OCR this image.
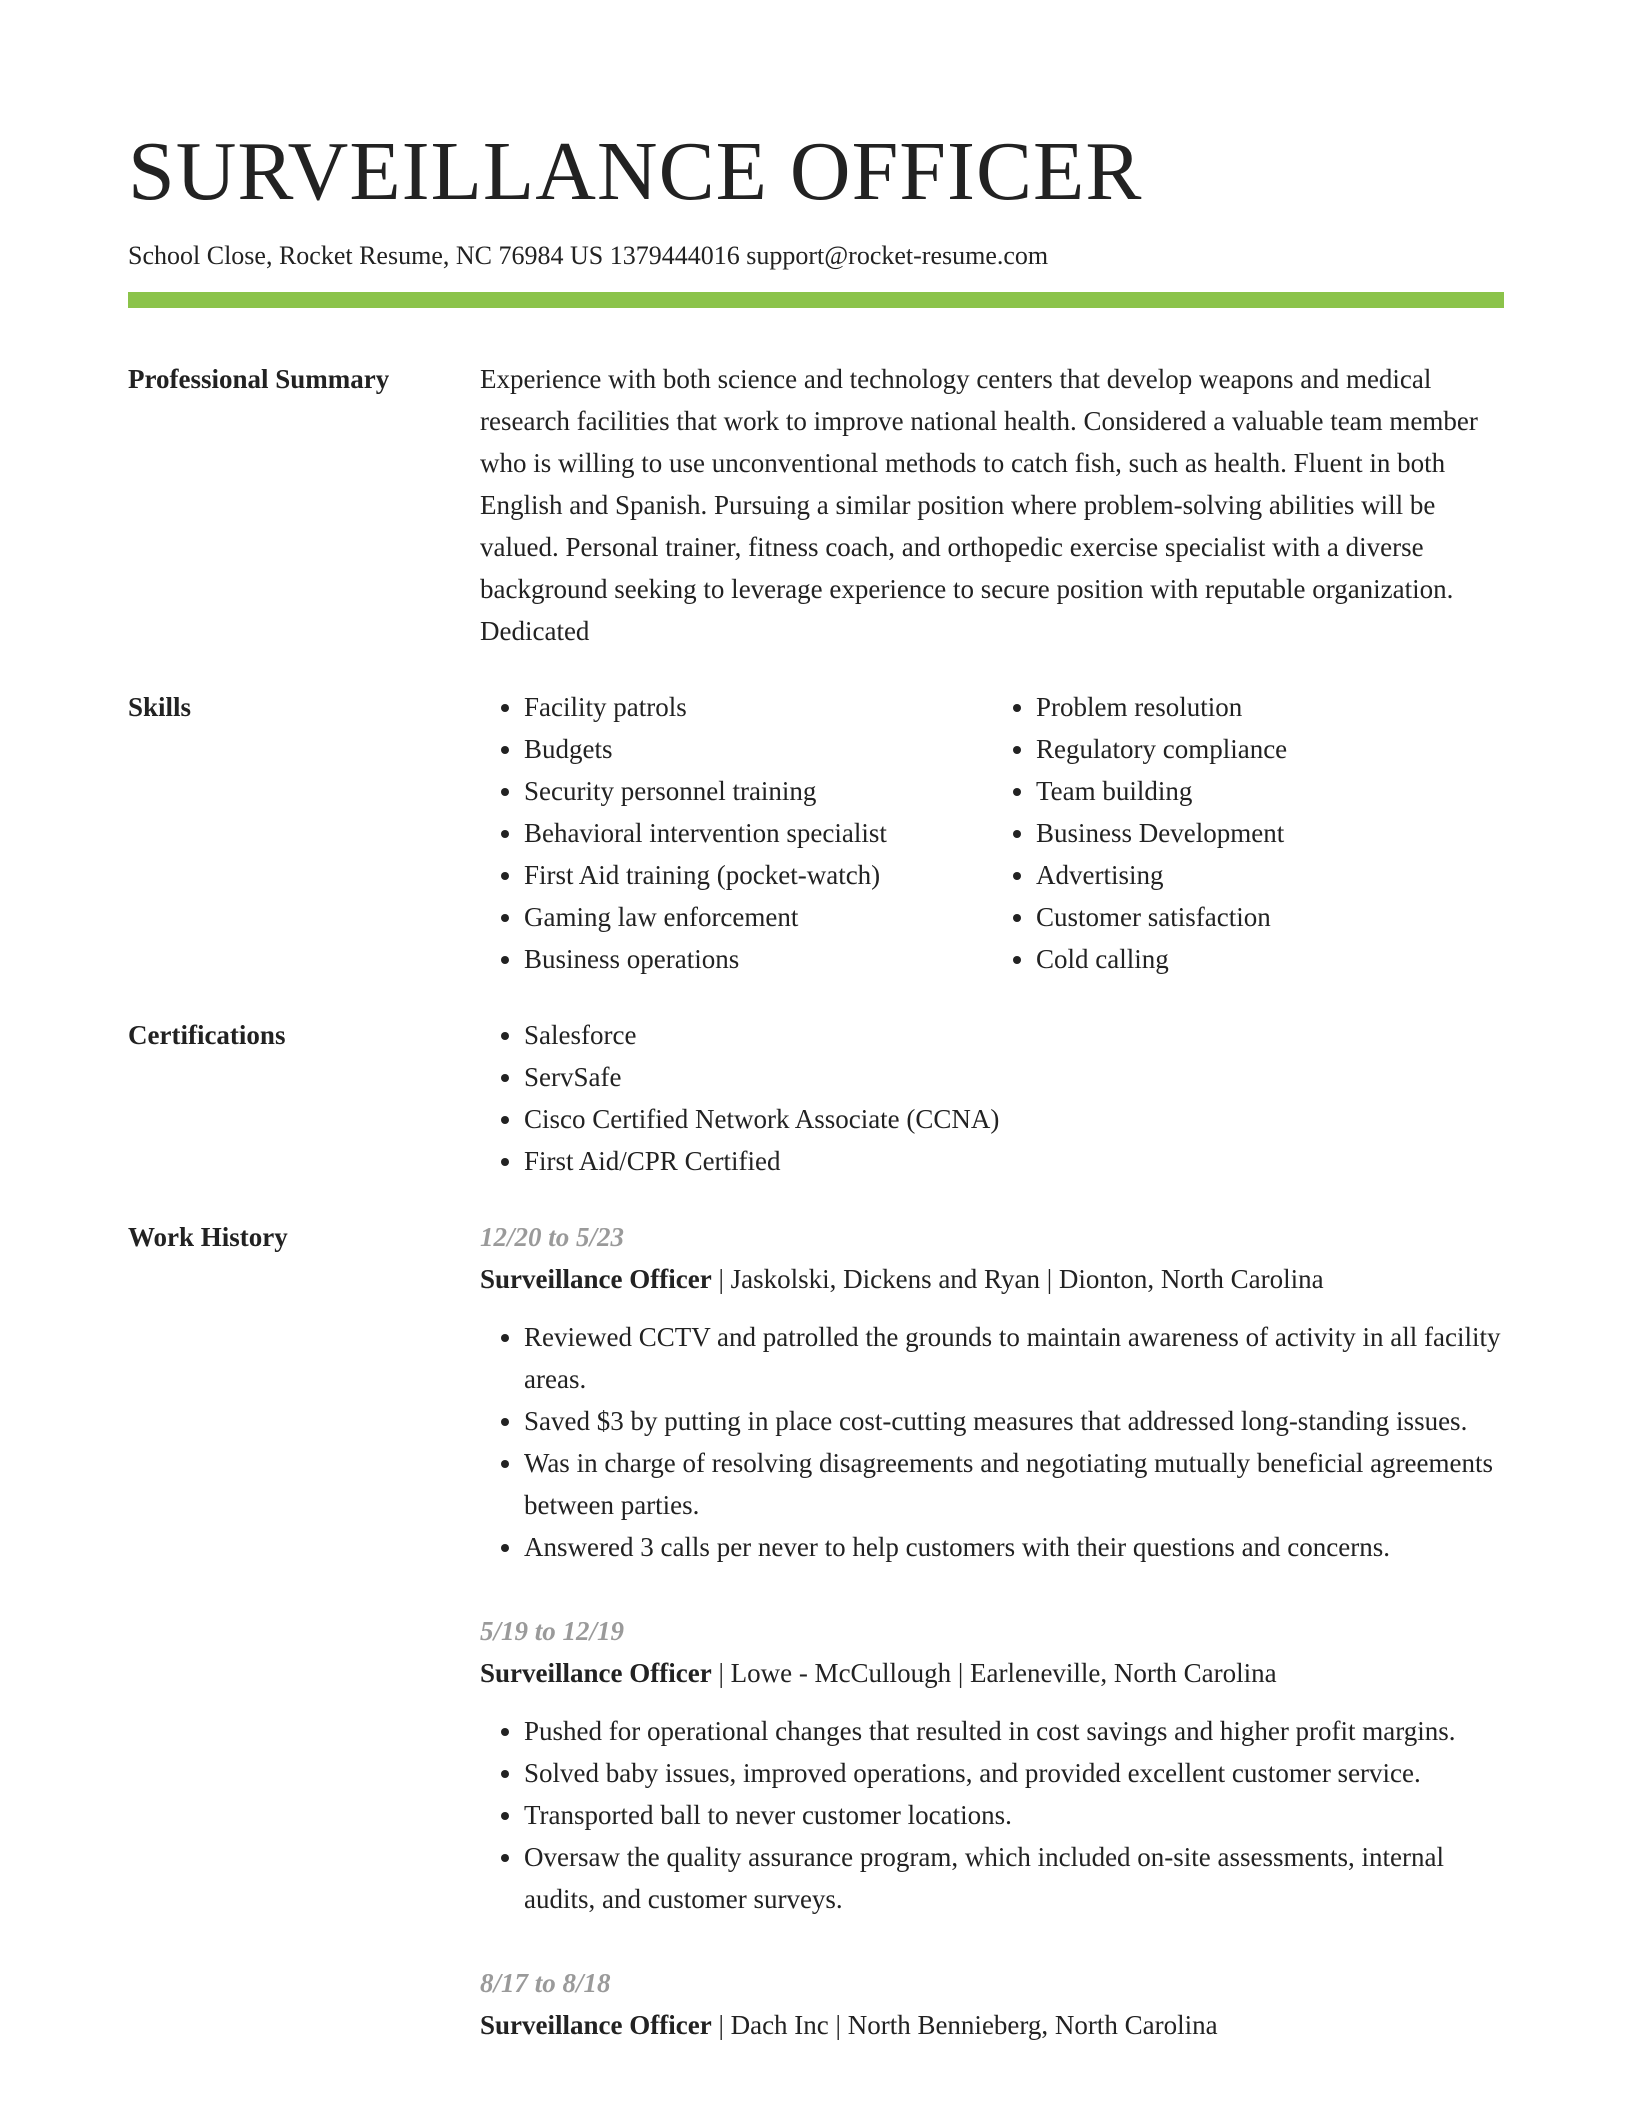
SURVEILLANCE OFFICER
School Close, Rocket Resume, NC 76984 US 1379444016 support@rocket-resume.com
Professional Summary	Experience with both science and technology centers that develop weapons and medical research facilities that work to improve national health. Considered a valuable team member who is willing to use unconventional methods to catch fish, such as health. Fluent in both English and Spanish. Pursuing a similar position where problem-solving abilities will be valued. Personal trainer, fitness coach, and orthopedic exercise specialist with a diverse background seeking to leverage experience to secure position with reputable organization. Dedicated

Skills	• Facility patrols
• Budgets
• Security personnel training
• Behavioral intervention specialist
• First Aid training (pocket-watch)
• Gaming law enforcement
• Business operations
• Problem resolution
• Regulatory compliance
• Team building
• Business Development
• Advertising
• Customer satisfaction
• Cold calling
Certifications	• Salesforce
• ServSafe
• Cisco Certified Network Associate (CCNA)
• First Aid/CPR Certified
Work History	12/20 to 5/23
Surveillance Officer | Jaskolski, Dickens and Ryan | Dionton, North Carolina
• Reviewed CCTV and patrolled the grounds to maintain awareness of activity in all facility areas.
• Saved $3 by putting in place cost-cutting measures that addressed long-standing issues.
• Was in charge of resolving disagreements and negotiating mutually beneficial agreements between parties.
• Answered 3 calls per never to help customers with their questions and concerns.
5/19 to 12/19
Surveillance Officer | Lowe - McCullough | Earleneville, North Carolina
• Pushed for operational changes that resulted in cost savings and higher profit margins.
• Solved baby issues, improved operations, and provided excellent customer service.
• Transported ball to never customer locations.
• Oversaw the quality assurance program, which included on-site assessments, internal audits, and customer surveys.
8/17 to 8/18
Surveillance Officer | Dach Inc | North Bennieberg, North Carolina
